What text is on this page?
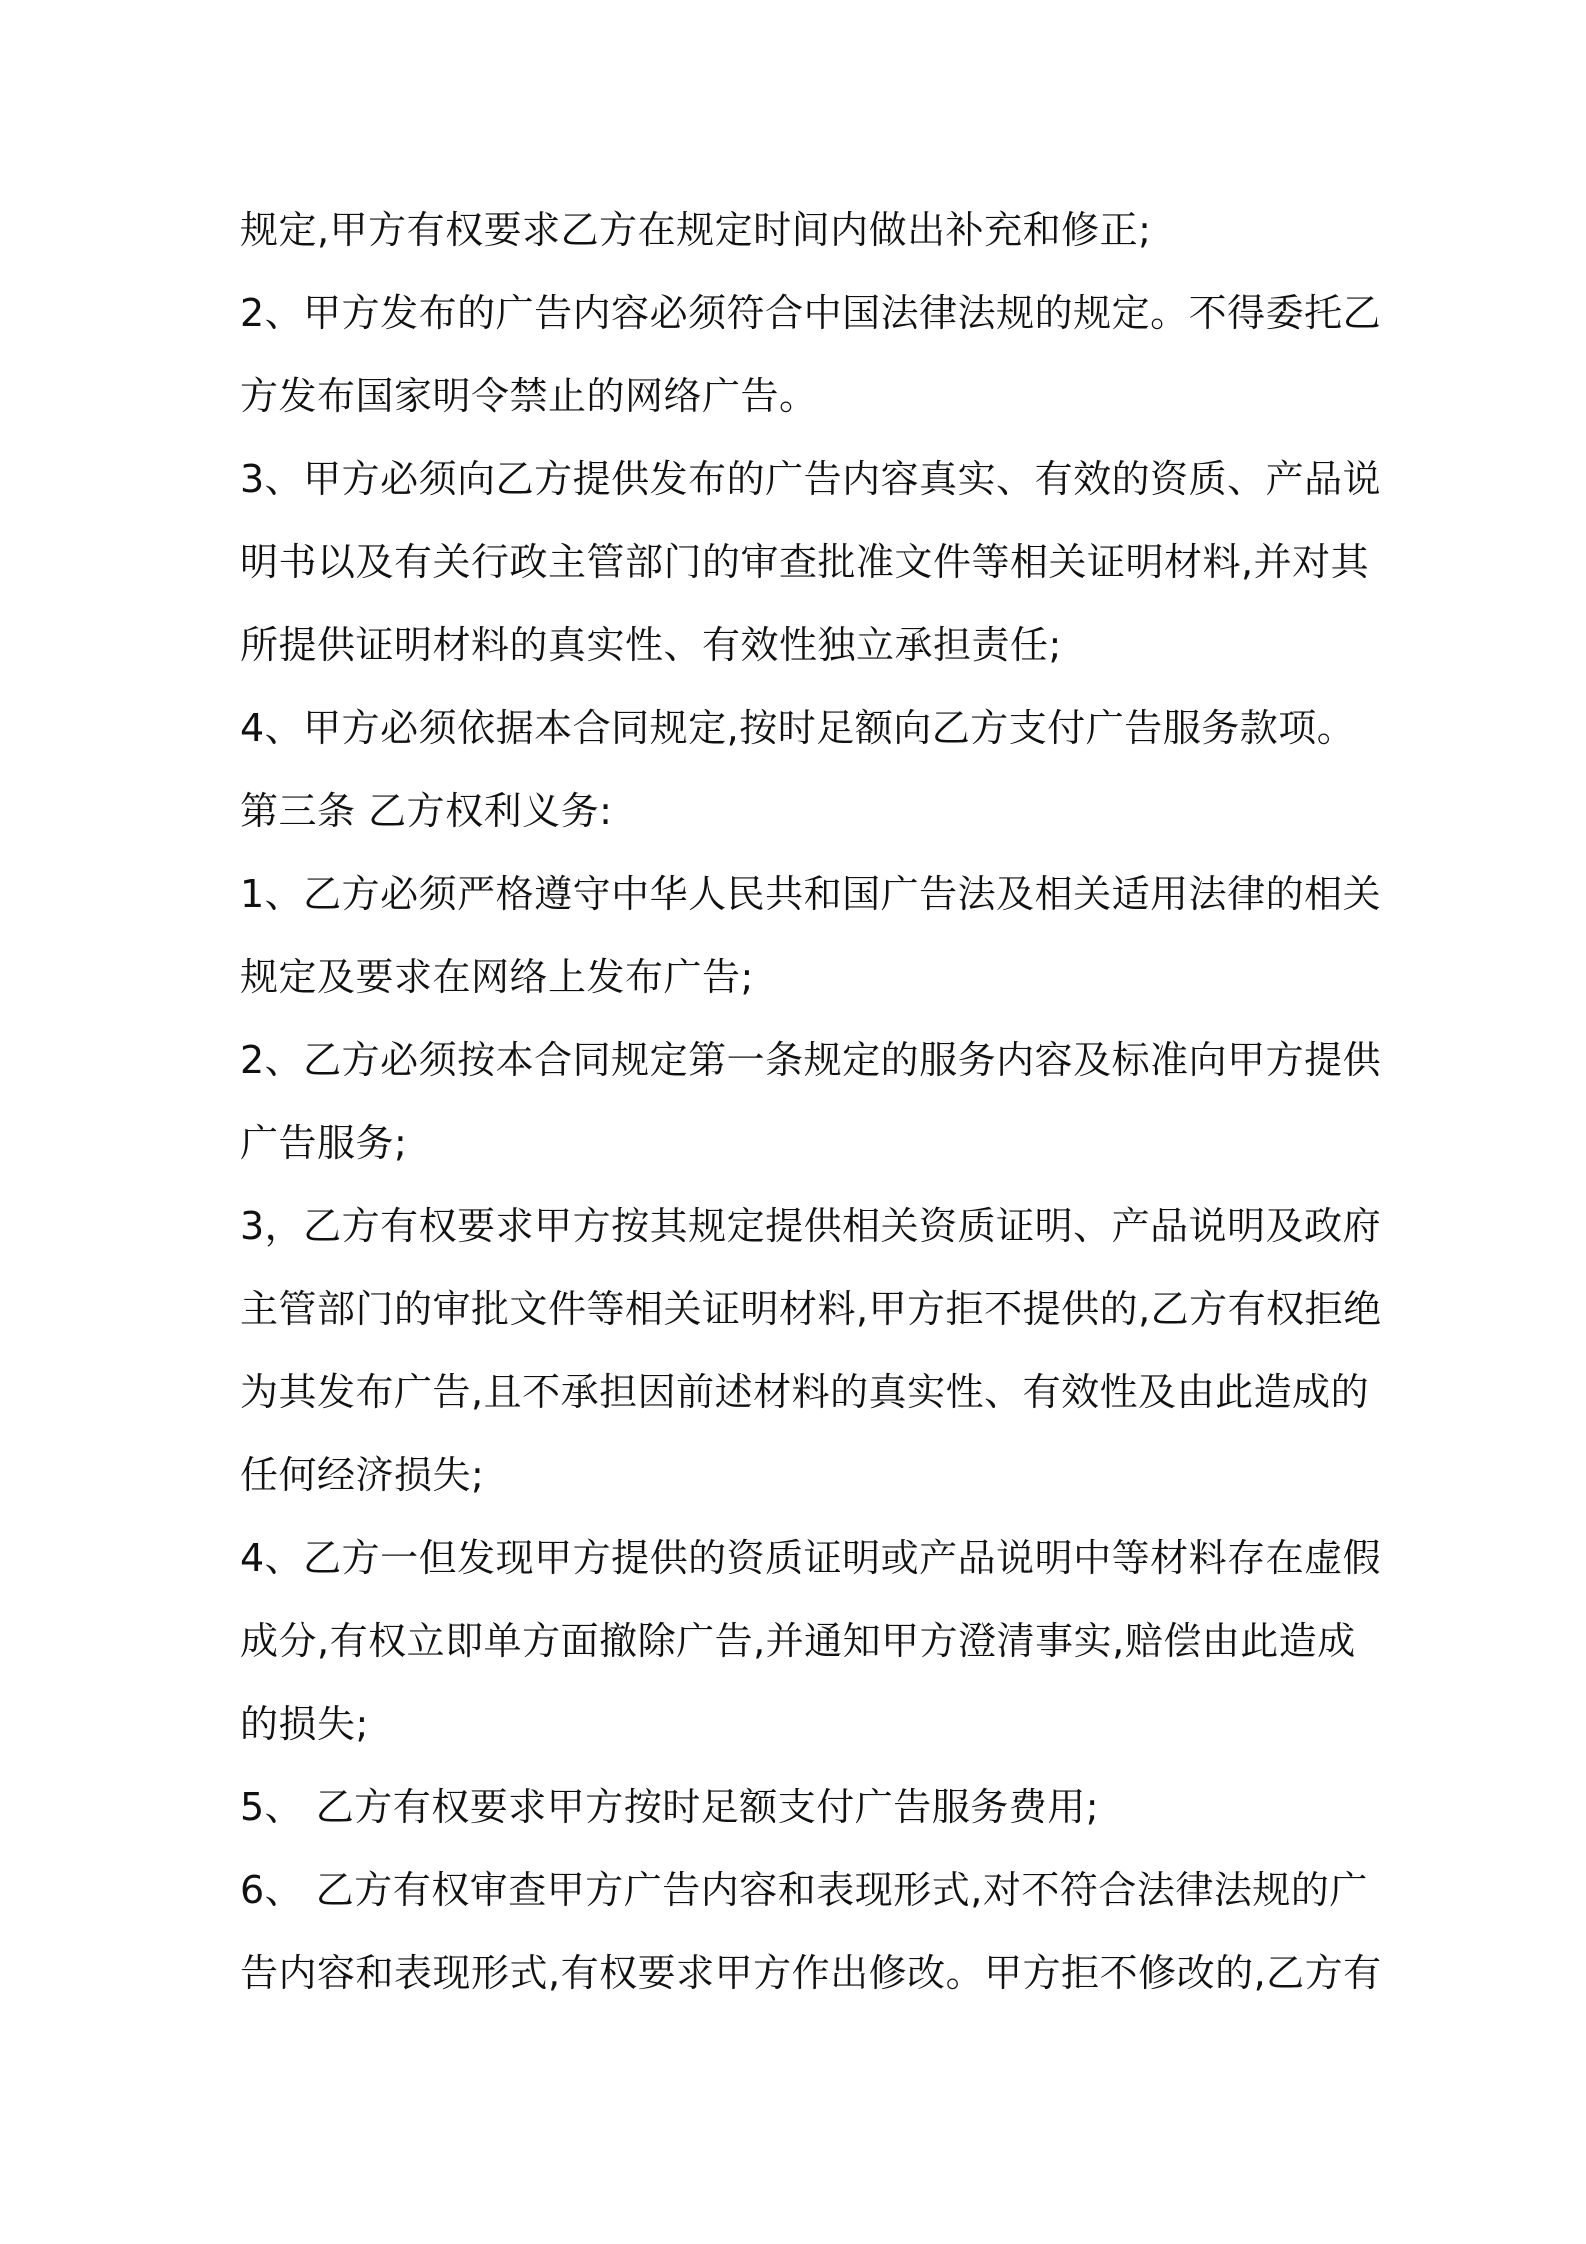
规定,甲方有权要求乙方在规定时间内做出补充和修正;
2、甲方发布的广告内容必须符合中国法律法规的规定。不得委托乙
方发布国家明令禁止的网络广告。
3、甲方必须向乙方提供发布的广告内容真实、有效的资质、产品说
明书以及有关行政主管部门的审查批准文件等相关证明材料,并对其
所提供证明材料的真实性、有效性独立承担责任;
4、甲方必须依据本合同规定,按时足额向乙方支付广告服务款项。
第三条 乙方权利义务:
1、乙方必须严格遵守中华人民共和国广告法及相关适用法律的相关
规定及要求在网络上发布广告;
2、乙方必须按本合同规定第一条规定的服务内容及标准向甲方提供
广告服务;
3，乙方有权要求甲方按其规定提供相关资质证明、产品说明及政府
主管部门的审批文件等相关证明材料,甲方拒不提供的,乙方有权拒绝
为其发布广告,且不承担因前述材料的真实性、有效性及由此造成的
任何经济损失;
4、乙方一但发现甲方提供的资质证明或产品说明中等材料存在虚假
成分,有权立即单方面撤除广告,并通知甲方澄清事实,赔偿由此造成
的损失;
5、 乙方有权要求甲方按时足额支付广告服务费用;
6、 乙方有权审查甲方广告内容和表现形式,对不符合法律法规的广
告内容和表现形式,有权要求甲方作出修改。甲方拒不修改的,乙方有
